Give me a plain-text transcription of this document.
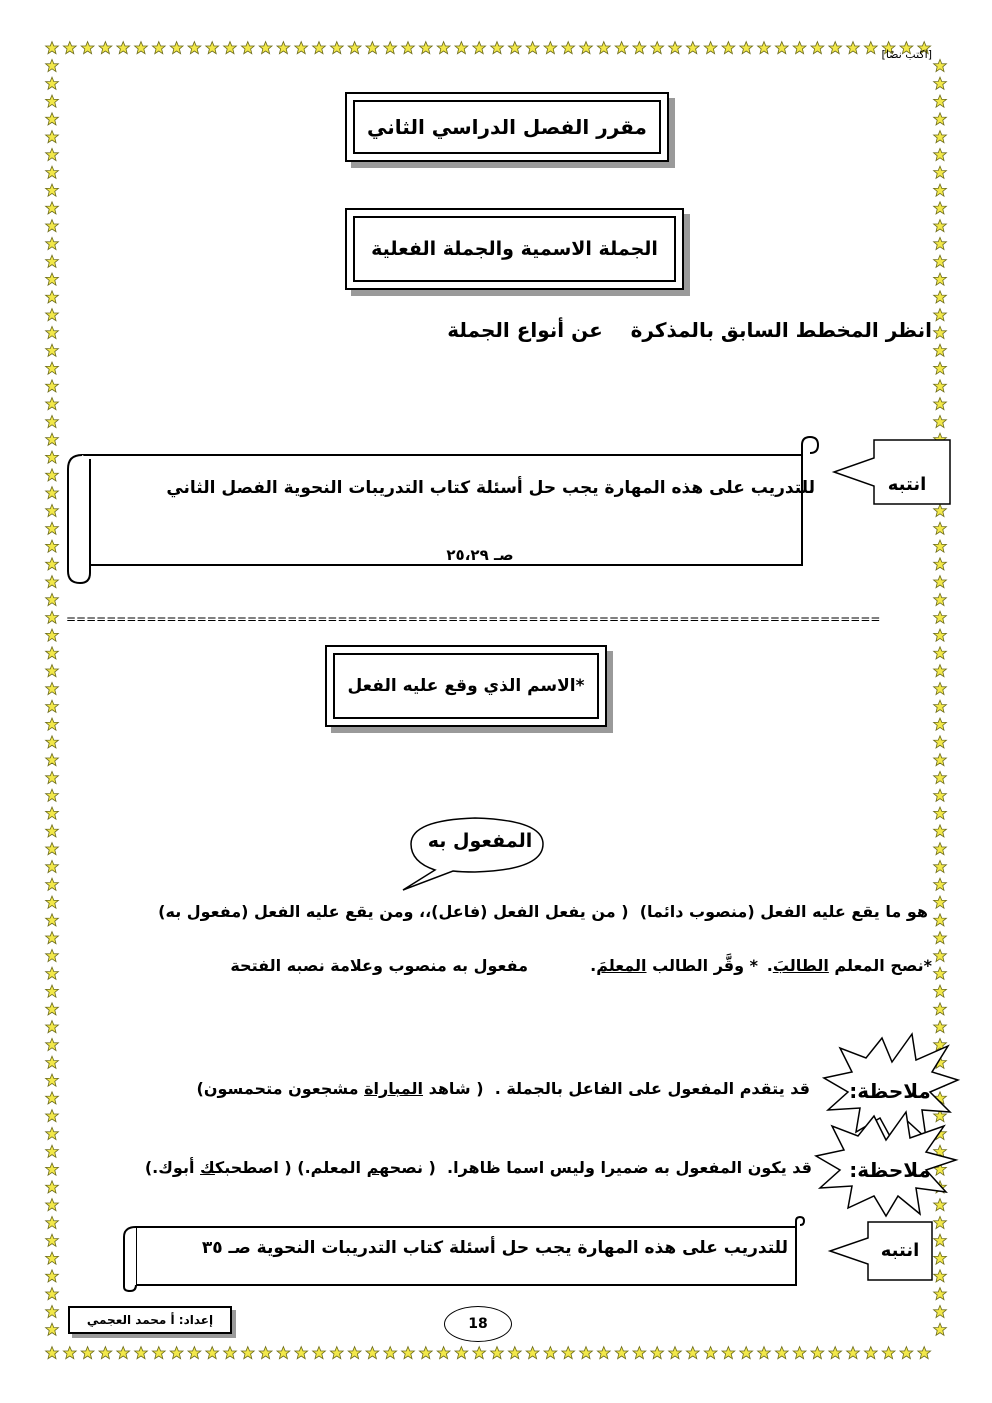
[اكتب نصًا]
مقرر الفصل الدراسي الثاني
الجملة الاسمية والجملة الفعلية
انظر المخطط السابق بالمذكرة    عن أنواع الجملة
انتبه
للتدريب على هذه المهارة يجب حل أسئلة كتاب التدريبات النحوية الفصل الثاني
صـ ٢٥،٢٩
=================================================================================
*الاسم الذي وقع عليه الفعل
المفعول به
هو ما يقع عليه الفعل (منصوب دائما)  ( من يفعل الفعل (فاعل)،، ومن يقع عليه الفعل (مفعول به)
*نصح المعلم الطالبَ.
* وقَّر الطالب المعلمَ.
مفعول به منصوب وعلامة نصبه الفتحة
ملاحظة:
قد يتقدم المفعول على الفاعل بالجملة .  ( شاهد المباراة مشجعون متحمسون)
ملاحظة:
قد يكون المفعول به ضميرا وليس اسما ظاهرا.  ( نصحهم المعلم.) ( اصطحبكك أبوك.)
انتبه
للتدريب على هذه المهارة يجب حل أسئلة كتاب التدريبات النحوية صـ ٣٥
إعداد: أ محمد العجمي	18
